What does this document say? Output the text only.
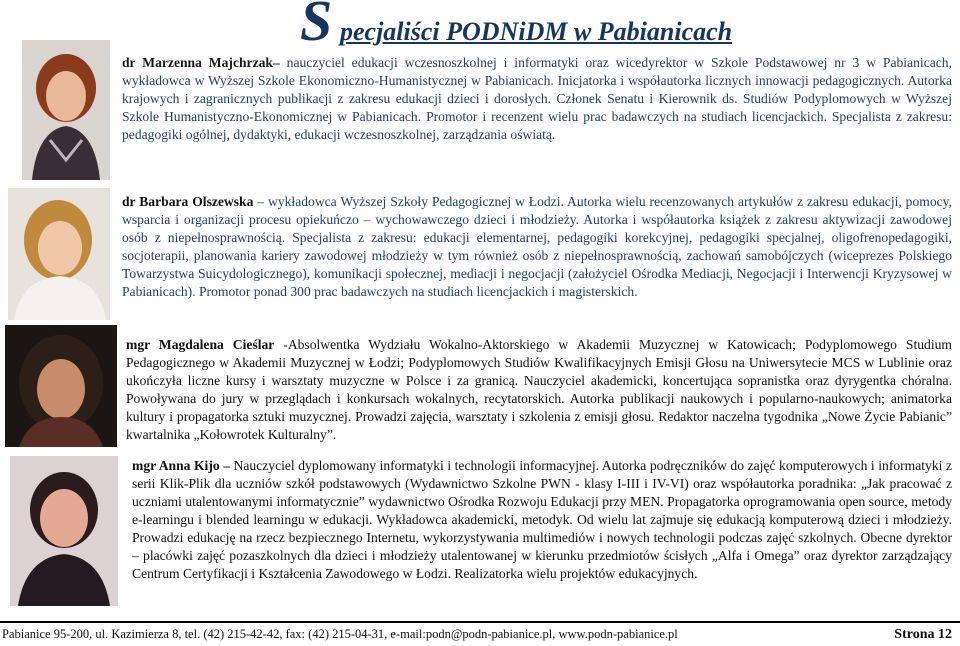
S pecjaliści PODNiDM w Pabianicach

dr Marzenna Majchrzak– nauczyciel edukacji wczesnoszkolnej i informatyki oraz wicedyrektor w Szkole Podstawowej nr 3 w Pabianicach, wykładowca w Wyższej Szkole Ekonomiczno-Humanistycznej w Pabianicach. Inicjatorka i współautorka licznych innowacji pedagogicznych. Autorka krajowych i zagranicznych publikacji z zakresu edukacji dzieci i dorosłych. Członek Senatu i Kierownik ds. Studiów Podyplomowych w Wyższej Szkole Humanistyczno-Ekonomicznej w Pabianicach. Promotor i recenzent wielu prac badawczych na studiach licencjackich. Specjalista z zakresu: pedagogiki ogólnej, dydaktyki, edukacji wczesnoszkolnej, zarządzania oświatą.

dr Barbara Olszewska – wykładowca Wyższej Szkoły Pedagogicznej w Łodzi. Autorka wielu recenzowanych artykułów z zakresu edukacji, pomocy, wsparcia i organizacji procesu opiekuńczo – wychowawczego dzieci i młodzieży. Autorka i współautorka książek z zakresu aktywizacji zawodowej osób z niepełnosprawnością. Specjalista z zakresu: edukacji elementarnej, pedagogiki korekcyjnej, pedagogiki specjalnej, oligofrenopedagogiki, socjoterapii, planowania kariery zawodowej młodzieży w tym również osób z niepełnosprawnością, zachowań samobójczych (wiceprezes Polskiego Towarzystwa Suicydologicznego), komunikacji społecznej, mediacji i negocjacji (założyciel Ośrodka Mediacji, Negocjacji i Interwencji Kryzysowej w Pabianicach). Promotor ponad 300 prac badawczych na studiach licencjackich i magisterskich.

mgr Magdalena Cieślar -Absolwentka Wydziału Wokalno-Aktorskiego w Akademii Muzycznej w Katowicach; Podyplomowego Studium Pedagogicznego w Akademii Muzycznej w Łodzi; Podyplomowych Studiów Kwalifikacyjnych Emisji Głosu na Uniwersytecie MCS w Lublinie oraz ukończyła liczne kursy i warsztaty muzyczne w Polsce i za granicą. Nauczyciel akademicki, koncertująca sopranistka oraz dyrygentka chóralna. Powoływana do jury w przeglądach i konkursach wokalnych, recytatorskich. Autorka publikacji naukowych i popularno-naukowych; animatorka kultury i propagatorka sztuki muzycznej. Prowadzi zajęcia, warsztaty i szkolenia z emisji głosu. Redaktor naczelna tygodnika „Nowe Życie Pabianic” kwartalnika „Kołowrotek Kulturalny”.

mgr Anna Kijo – Nauczyciel dyplomowany informatyki i technologii informacyjnej. Autorka podręczników do zajęć komputerowych i informatyki z serii Klik-Plik dla uczniów szkół podstawowych (Wydawnictwo Szkolne PWN - klasy I-III i IV-VI) oraz współautorka poradnika: „Jak pracować z uczniami utalentowanymi informatycznie” wydawnictwo Ośrodka Rozwoju Edukacji przy MEN. Propagatorka oprogramowania open source, metody e-learningu i blended learningu w edukacji. Wykładowca akademicki, metodyk. Od wielu lat zajmuje się edukacją komputerową dzieci i młodzieży. Prowadzi edukację na rzecz bezpiecznego Internetu, wykorzystywania multimediów i nowych technologii podczas zajęć szkolnych. Obecne dyrektor – placówki zajęć pozaszkolnych dla dzieci i młodzieży utalentowanej w kierunku przedmiotów ścisłych „Alfa i Omega” oraz dyrektor zarządzający Centrum Certyfikacji i Kształcenia Zawodowego w Łodzi. Realizatorka wielu projektów edukacyjnych.

Pabianice 95-200, ul. Kazimierza 8, tel. (42) 215-42-42, fax: (42) 215-04-31, e-mail:podn@podn-pabianice.pl, www.podn-pabianice.pl	Strona 12
